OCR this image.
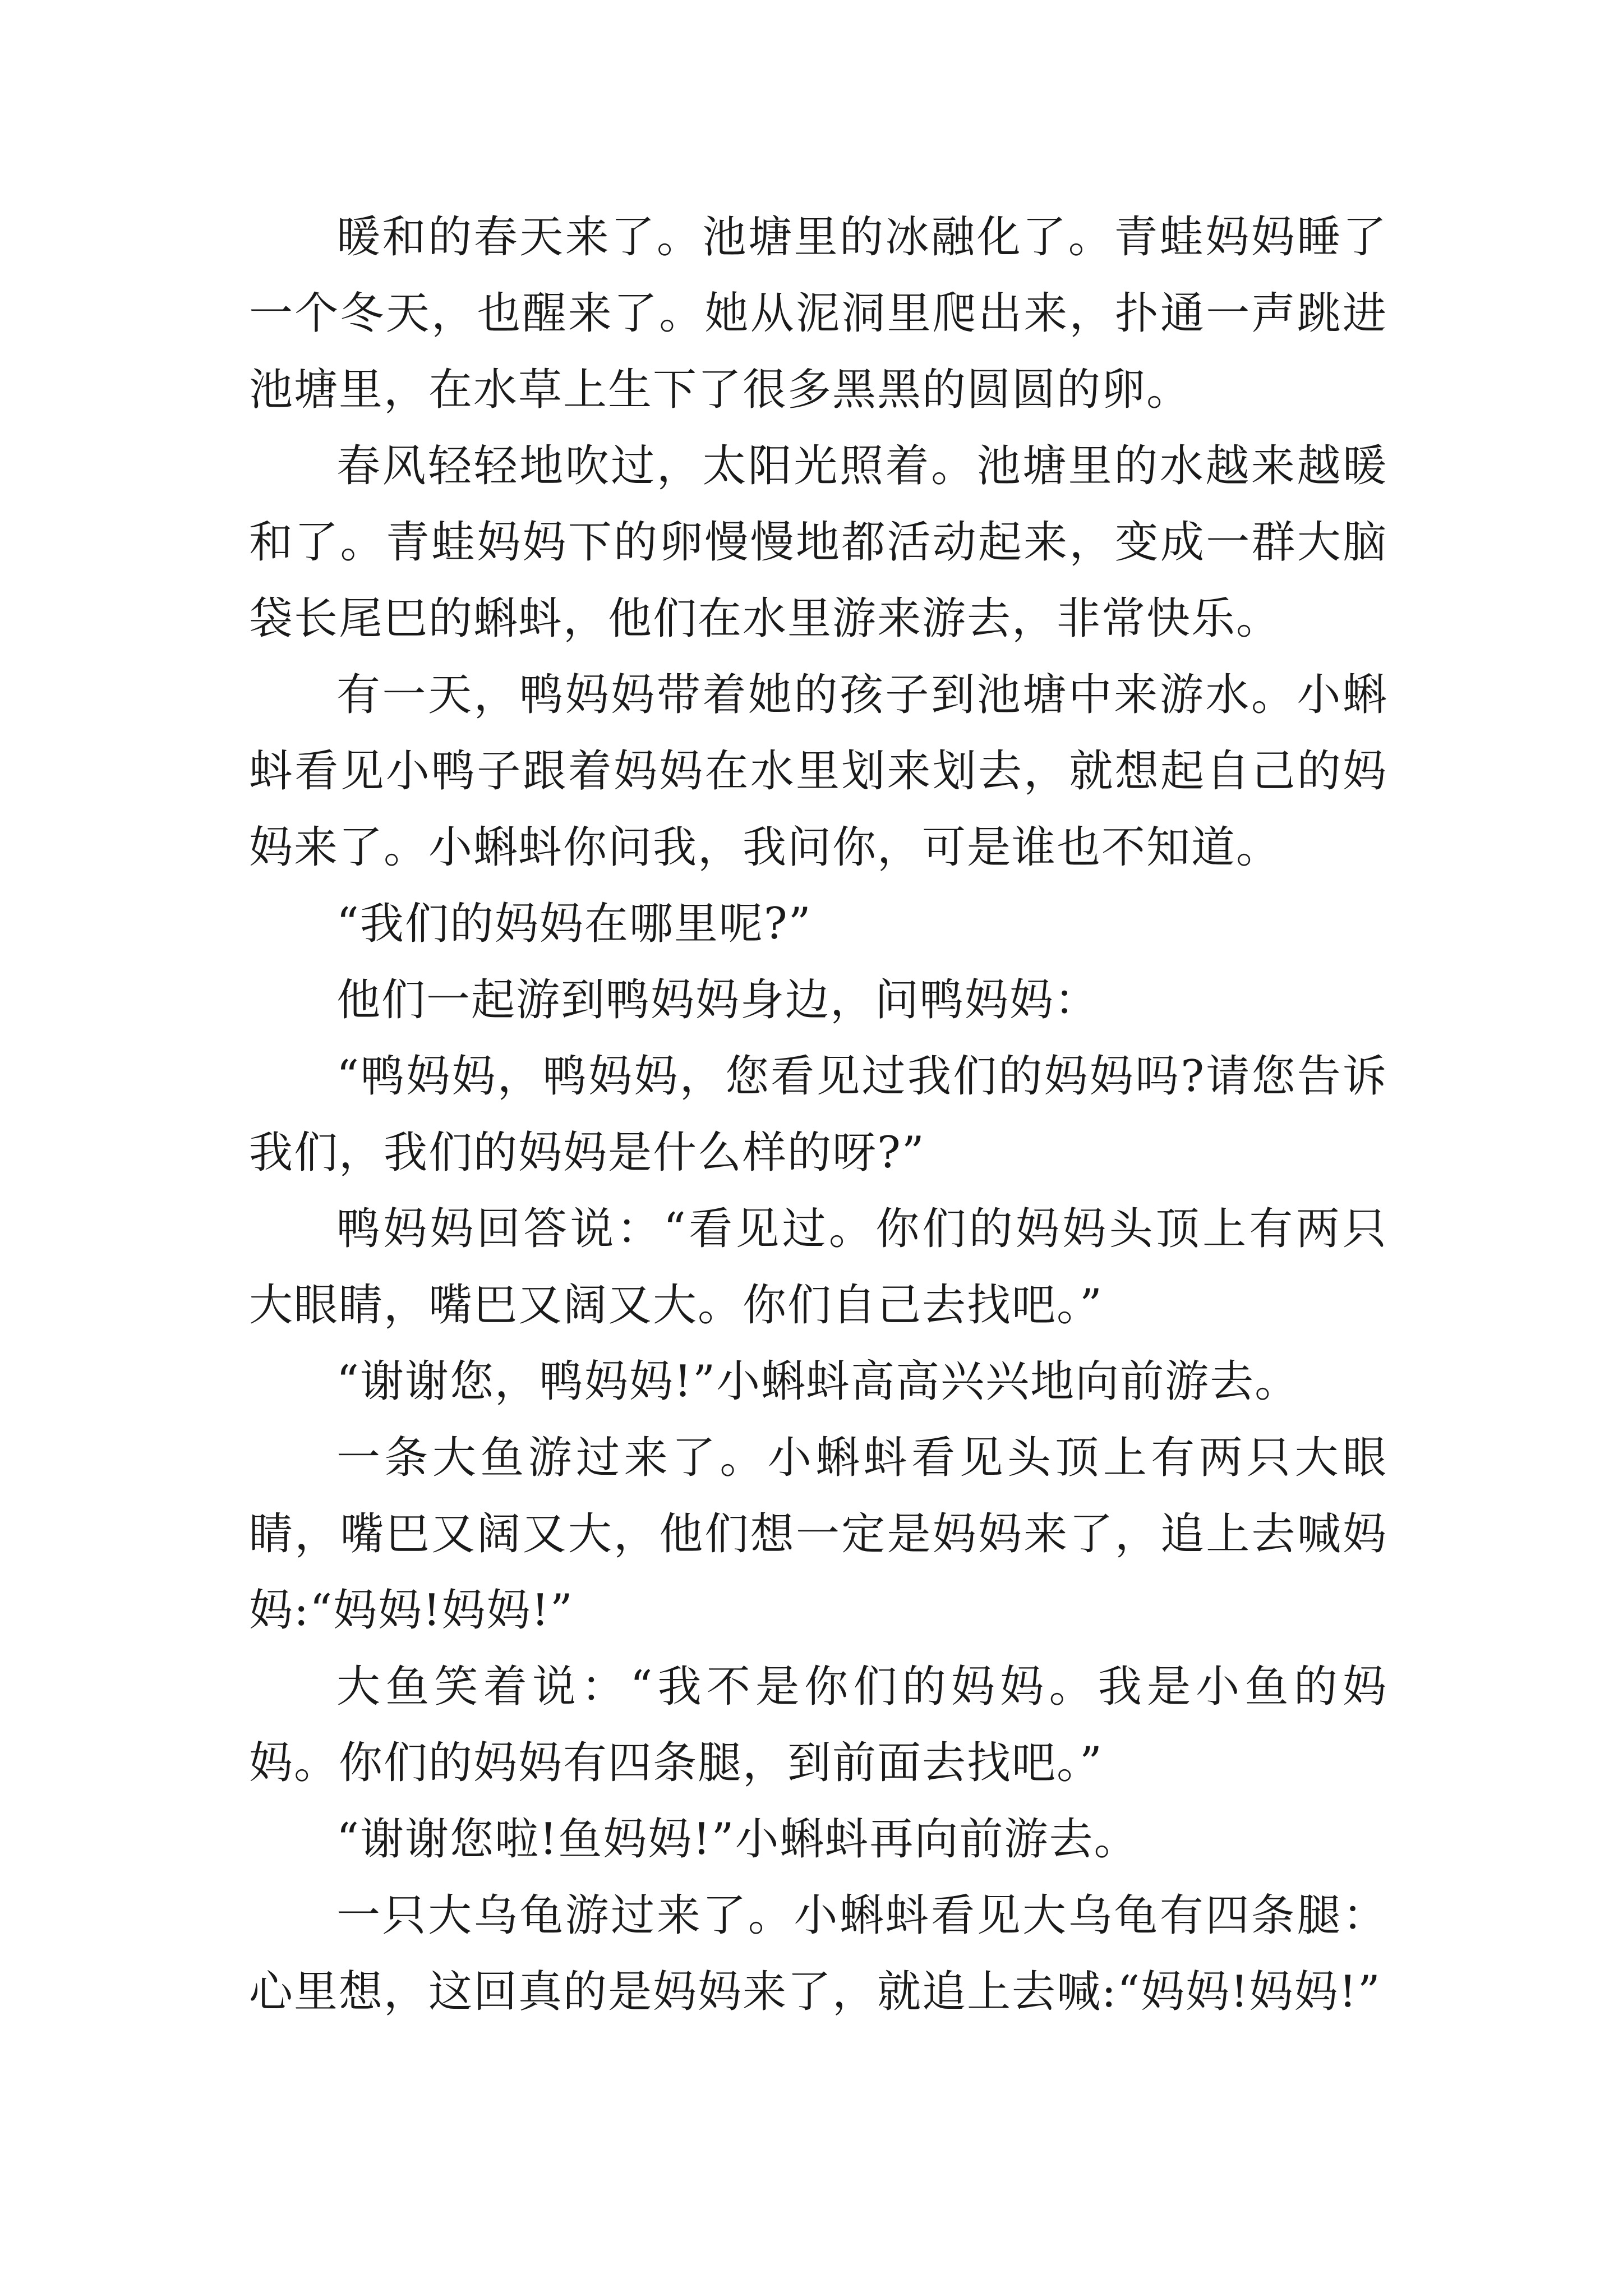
暖和的春天来了。池塘里的冰融化了。青蛙妈妈睡了一个冬天，也醒来了。她从泥洞里爬出来，扑通一声跳进池塘里，在水草上生下了很多黑黑的圆圆的卵。

春风轻轻地吹过，太阳光照着。池塘里的水越来越暖和了。青蛙妈妈下的卵慢慢地都活动起来，变成一群大脑袋长尾巴的蝌蚪，他们在水里游来游去，非常快乐。

有一天，鸭妈妈带着她的孩子到池塘中来游水。小蝌蚪看见小鸭子跟着妈妈在水里划来划去，就想起自己的妈妈来了。小蝌蚪你问我，我问你，可是谁也不知道。

“我们的妈妈在哪里呢?”

他们一起游到鸭妈妈身边，问鸭妈妈：

“鸭妈妈，鸭妈妈，您看见过我们的妈妈吗?请您告诉我们，我们的妈妈是什么样的呀?”

鸭妈妈回答说：“看见过。你们的妈妈头顶上有两只大眼睛，嘴巴又阔又大。你们自己去找吧。”

“谢谢您，鸭妈妈!”小蝌蚪高高兴兴地向前游去。

一条大鱼游过来了。小蝌蚪看见头顶上有两只大眼睛，嘴巴又阔又大，他们想一定是妈妈来了，追上去喊妈妈:“妈妈!妈妈!”

大鱼笑着说：“我不是你们的妈妈。我是小鱼的妈妈。你们的妈妈有四条腿，到前面去找吧。”

“谢谢您啦!鱼妈妈!”小蝌蚪再向前游去。

一只大乌龟游过来了。小蝌蚪看见大乌龟有四条腿：心里想，这回真的是妈妈来了，就追上去喊:“妈妈!妈妈!”
